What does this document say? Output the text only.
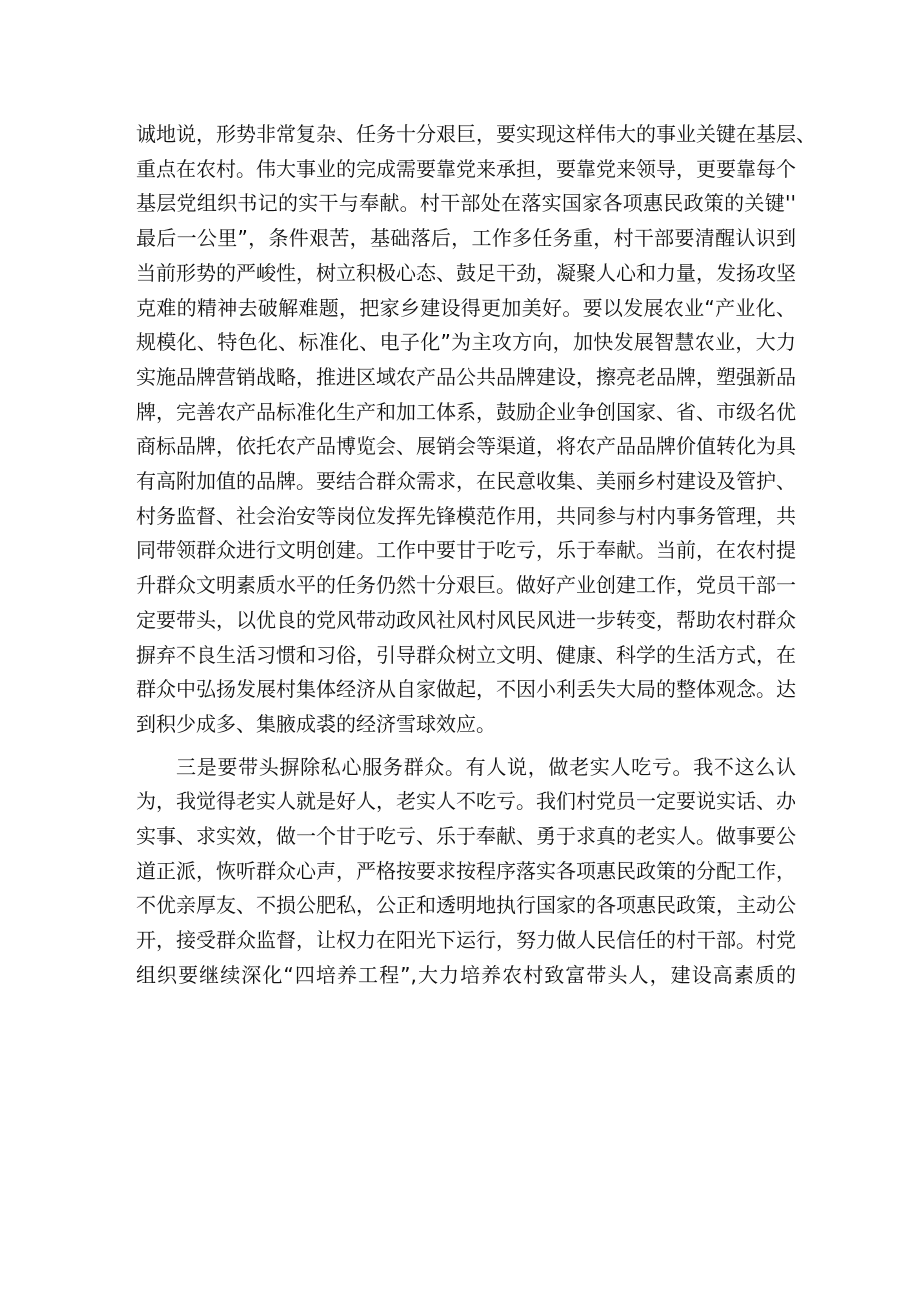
诚地说，形势非常复杂、任务十分艰巨，要实现这样伟大的事业关键在基层、
重点在农村。伟大事业的完成需要靠党来承担，要靠党来领导，更要靠每个
基层党组织书记的实干与奉献。村干部处在落实国家各项惠民政策的关键''
最后一公里”，条件艰苦，基础落后，工作多任务重，村干部要清醒认识到
当前形势的严峻性，树立积极心态、鼓足干劲，凝聚人心和力量，发扬攻坚
克难的精神去破解难题，把家乡建设得更加美好。要以发展农业“产业化、
规模化、特色化、标准化、电子化”为主攻方向，加快发展智慧农业，大力
实施品牌营销战略，推进区域农产品公共品牌建设，擦亮老品牌，塑强新品
牌，完善农产品标准化生产和加工体系，鼓励企业争创国家、省、市级名优
商标品牌，依托农产品博览会、展销会等渠道，将农产品品牌价值转化为具
有高附加值的品牌。要结合群众需求，在民意收集、美丽乡村建设及管护、
村务监督、社会治安等岗位发挥先锋模范作用，共同参与村内事务管理，共
同带领群众进行文明创建。工作中要甘于吃亏，乐于奉献。当前，在农村提
升群众文明素质水平的任务仍然十分艰巨。做好产业创建工作，党员干部一
定要带头，以优良的党风带动政风社风村风民风进一步转变，帮助农村群众
摒弃不良生活习惯和习俗，引导群众树立文明、健康、科学的生活方式，在
群众中弘扬发展村集体经济从自家做起，不因小利丢失大局的整体观念。达
到积少成多、集腋成裘的经济雪球效应。

三是要带头摒除私心服务群众。有人说，做老实人吃亏。我不这么认
为，我觉得老实人就是好人，老实人不吃亏。我们村党员一定要说实话、办
实事、求实效，做一个甘于吃亏、乐于奉献、勇于求真的老实人。做事要公
道正派，恢听群众心声，严格按要求按程序落实各项惠民政策的分配工作，
不优亲厚友、不损公肥私，公正和透明地执行国家的各项惠民政策，主动公
开，接受群众监督，让权力在阳光下运行，努力做人民信任的村干部。村党
组织要继续深化“四培养工程”,大力培养农村致富带头人，建设高素质的
